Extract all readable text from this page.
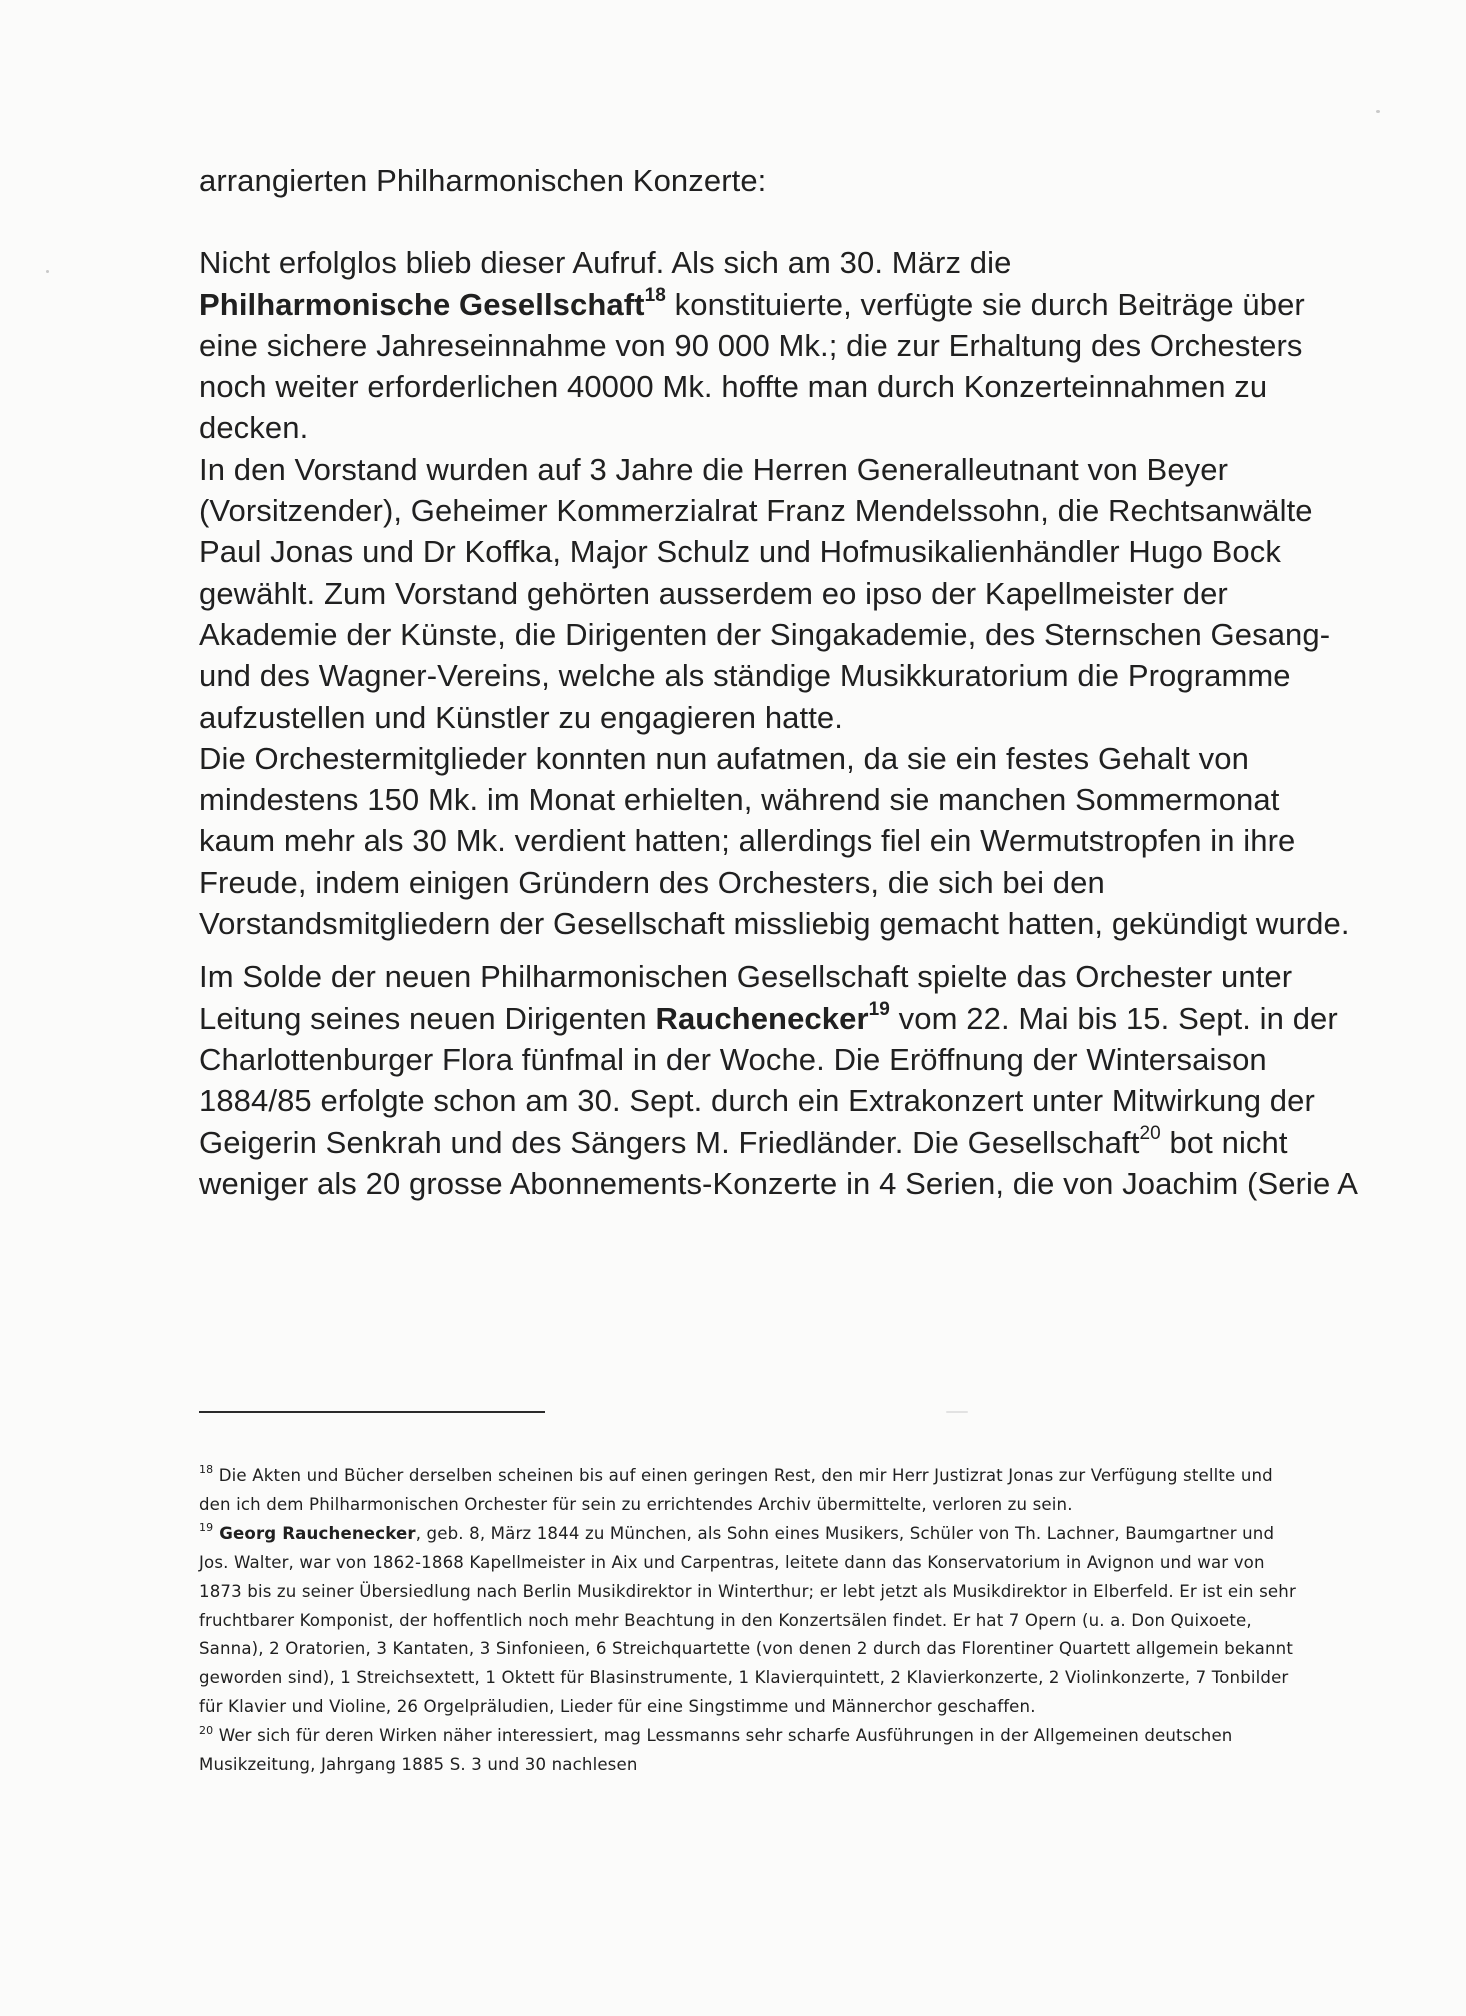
arrangierten Philharmonischen Konzerte:

Nicht erfolglos blieb dieser Aufruf. Als sich am 30. März die

Philharmonische Gesellschaft$^{18}$ konstituierte, verfügte sie durch Beiträge über eine sichere Jahreseinnahme von 90 000 Mk.; die zur Erhaltung des Orchesters noch weiter erforderlichen 40000 Mk. hoffte man durch Konzerteinnahmen zu decken.

In den Vorstand wurden auf 3 Jahre die Herren Generalleutnant von Beyer (Vorsitzender), Geheimer Kommerzialrat Franz Mendelssohn, die Rechtsanwälte Paul Jonas und Dr Koffka, Major Schulz und Hofmusikalienhändler Hugo Bock gewählt. Zum Vorstand gehörten ausserdem eo ipso der Kapellmeister der Akademie der Künste, die Dirigenten der Singakademie, des Sternschen Gesang- und des Wagner-Vereins, welche als ständige Musikkuratorium die Programme aufzustellen und Künstler zu engagieren hatte.

Die Orchestermitglieder konnten nun aufatmen, da sie ein festes Gehalt von mindestens 150 Mk. im Monat erhielten, während sie manchen Sommermonat kaum mehr als 30 Mk. verdient hatten; allerdings fiel ein Wermutstropfen in ihre Freude, indem einigen Gründern des Orchesters, die sich bei den Vorstandsmitgliedern der Gesellschaft missliebig gemacht hatten, gekündigt wurde.

Im Solde der neuen Philharmonischen Gesellschaft spielte das Orchester unter Leitung seines neuen Dirigenten Rauchenecker$^{19}$ vom 22. Mai bis 15. Sept. in der Charlottenburger Flora fünfmal in der Woche. Die Eröffnung der Wintersaison 1884/85 erfolgte schon am 30. Sept. durch ein Extrakonzert unter Mitwirkung der Geigerin Senkrah und des Sängers M. Friedländer. Die Gesellschaft$^{20}$ bot nicht weniger als 20 grosse Abonnements-Konzerte in 4 Serien, die von Joachim (Serie A

$^{18}$ Die Akten und Bücher derselben scheinen bis auf einen geringen Rest, den mir Herr Justizrat Jonas zur Verfügung stellte und den ich dem Philharmonischen Orchester für sein zu errichtendes Archiv übermittelte, verloren zu sein.

$^{19}$ Georg Rauchenecker, geb. 8, März 1844 zu München, als Sohn eines Musikers, Schüler von Th. Lachner, Baumgartner und Jos. Walter, war von 1862-1868 Kapellmeister in Aix und Carpentras, leitete dann das Konservatorium in Avignon und war von 1873 bis zu seiner Übersiedlung nach Berlin Musikdirektor in Winterthur; er lebt jetzt als Musikdirektor in Elberfeld. Er ist ein sehr fruchtbarer Komponist, der hoffentlich noch mehr Beachtung in den Konzertsälen findet. Er hat 7 Opern (u. a. Don Quixoete, Sanna), 2 Oratorien, 3 Kantaten, 3 Sinfonieen, 6 Streichquartette (von denen 2 durch das Florentiner Quartett allgemein bekannt geworden sind), 1 Streichsextett, 1 Oktett für Blasinstrumente, 1 Klavierquintett, 2 Klavierkonzerte, 2 Violinkonzerte, 7 Tonbilder für Klavier und Violine, 26 Orgelpräludien, Lieder für eine Singstimme und Männerchor geschaffen.

$^{20}$ Wer sich für deren Wirken näher interessiert, mag Lessmanns sehr scharfe Ausführungen in der Allgemeinen deutschen Musikzeitung, Jahrgang 1885 S. 3 und 30 nachlesen
